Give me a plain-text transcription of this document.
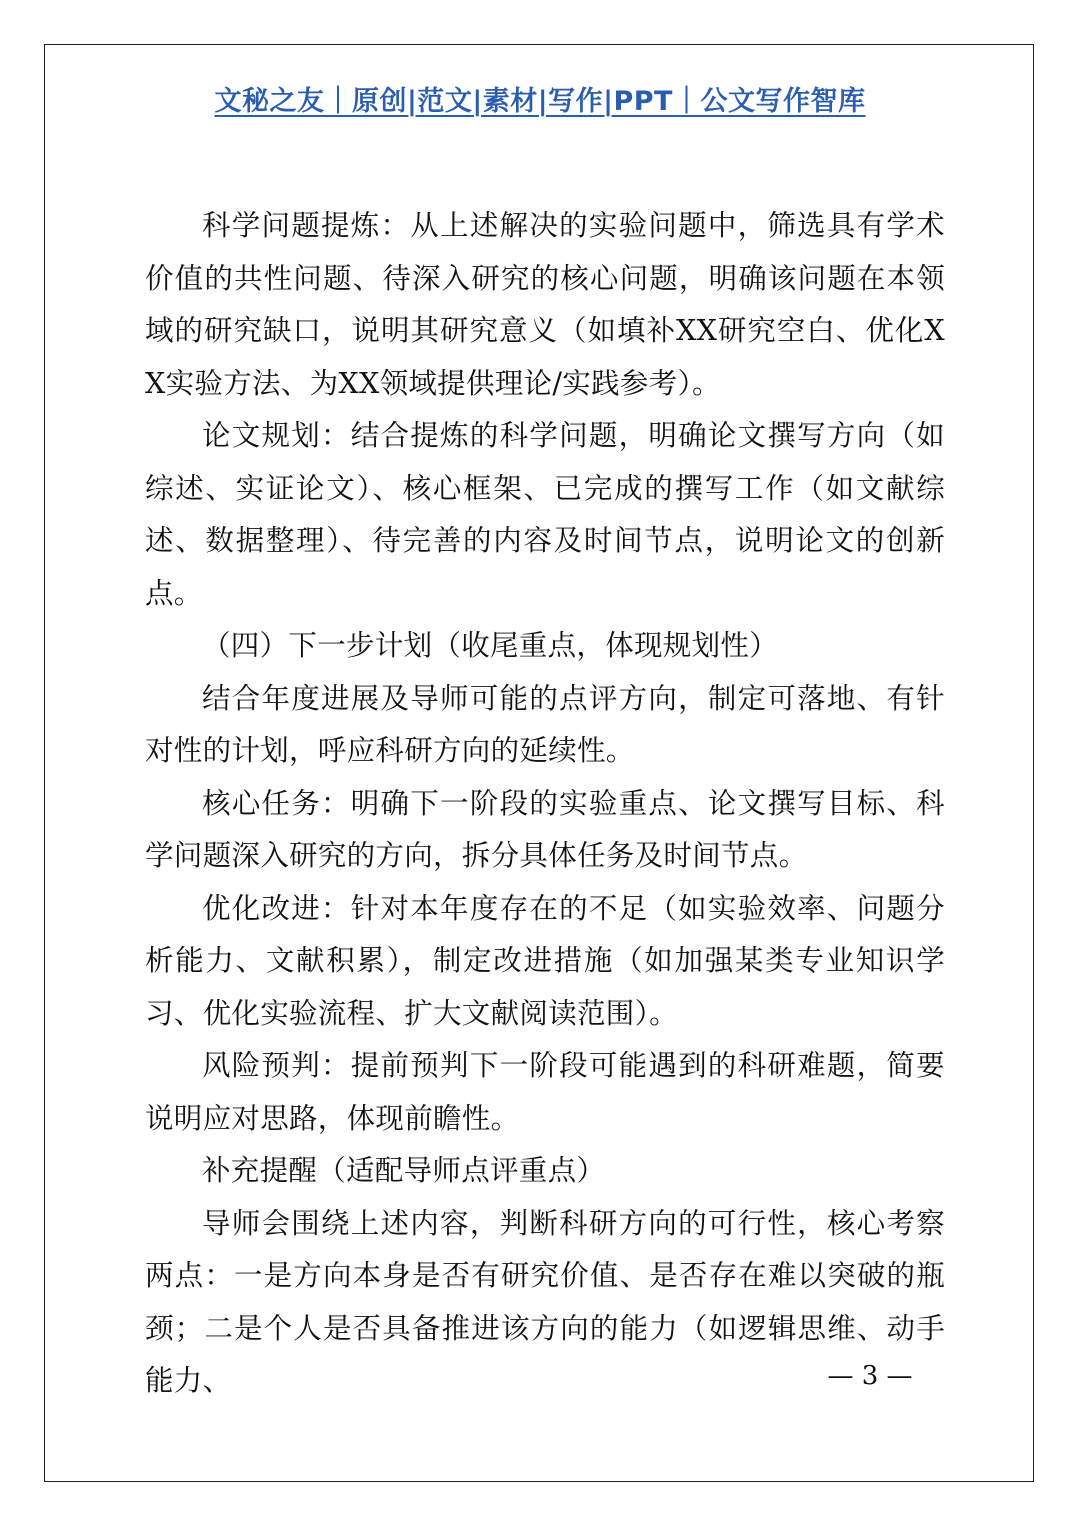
文秘之友｜原创|范文|素材|写作|PPT｜公文写作智库

科学问题提炼：从上述解决的实验问题中，筛选具有学术价值的共性问题、待深入研究的核心问题，明确该问题在本领域的研究缺口，说明其研究意义（如填补XX研究空白、优化XX实验方法、为XX领域提供理论/实践参考）。

论文规划：结合提炼的科学问题，明确论文撰写方向（如综述、实证论文）、核心框架、已完成的撰写工作（如文献综述、数据整理）、待完善的内容及时间节点，说明论文的创新点。

（四）下一步计划（收尾重点，体现规划性）

结合年度进展及导师可能的点评方向，制定可落地、有针对性的计划，呼应科研方向的延续性。

核心任务：明确下一阶段的实验重点、论文撰写目标、科学问题深入研究的方向，拆分具体任务及时间节点。

优化改进：针对本年度存在的不足（如实验效率、问题分析能力、文献积累），制定改进措施（如加强某类专业知识学习、优化实验流程、扩大文献阅读范围）。

风险预判：提前预判下一阶段可能遇到的科研难题，简要说明应对思路，体现前瞻性。

补充提醒（适配导师点评重点）

导师会围绕上述内容，判断科研方向的可行性，核心考察两点：一是方向本身是否有研究价值、是否存在难以突破的瓶颈；二是个人是否具备推进该方向的能力（如逻辑思维、动手能力、	— 3 —
